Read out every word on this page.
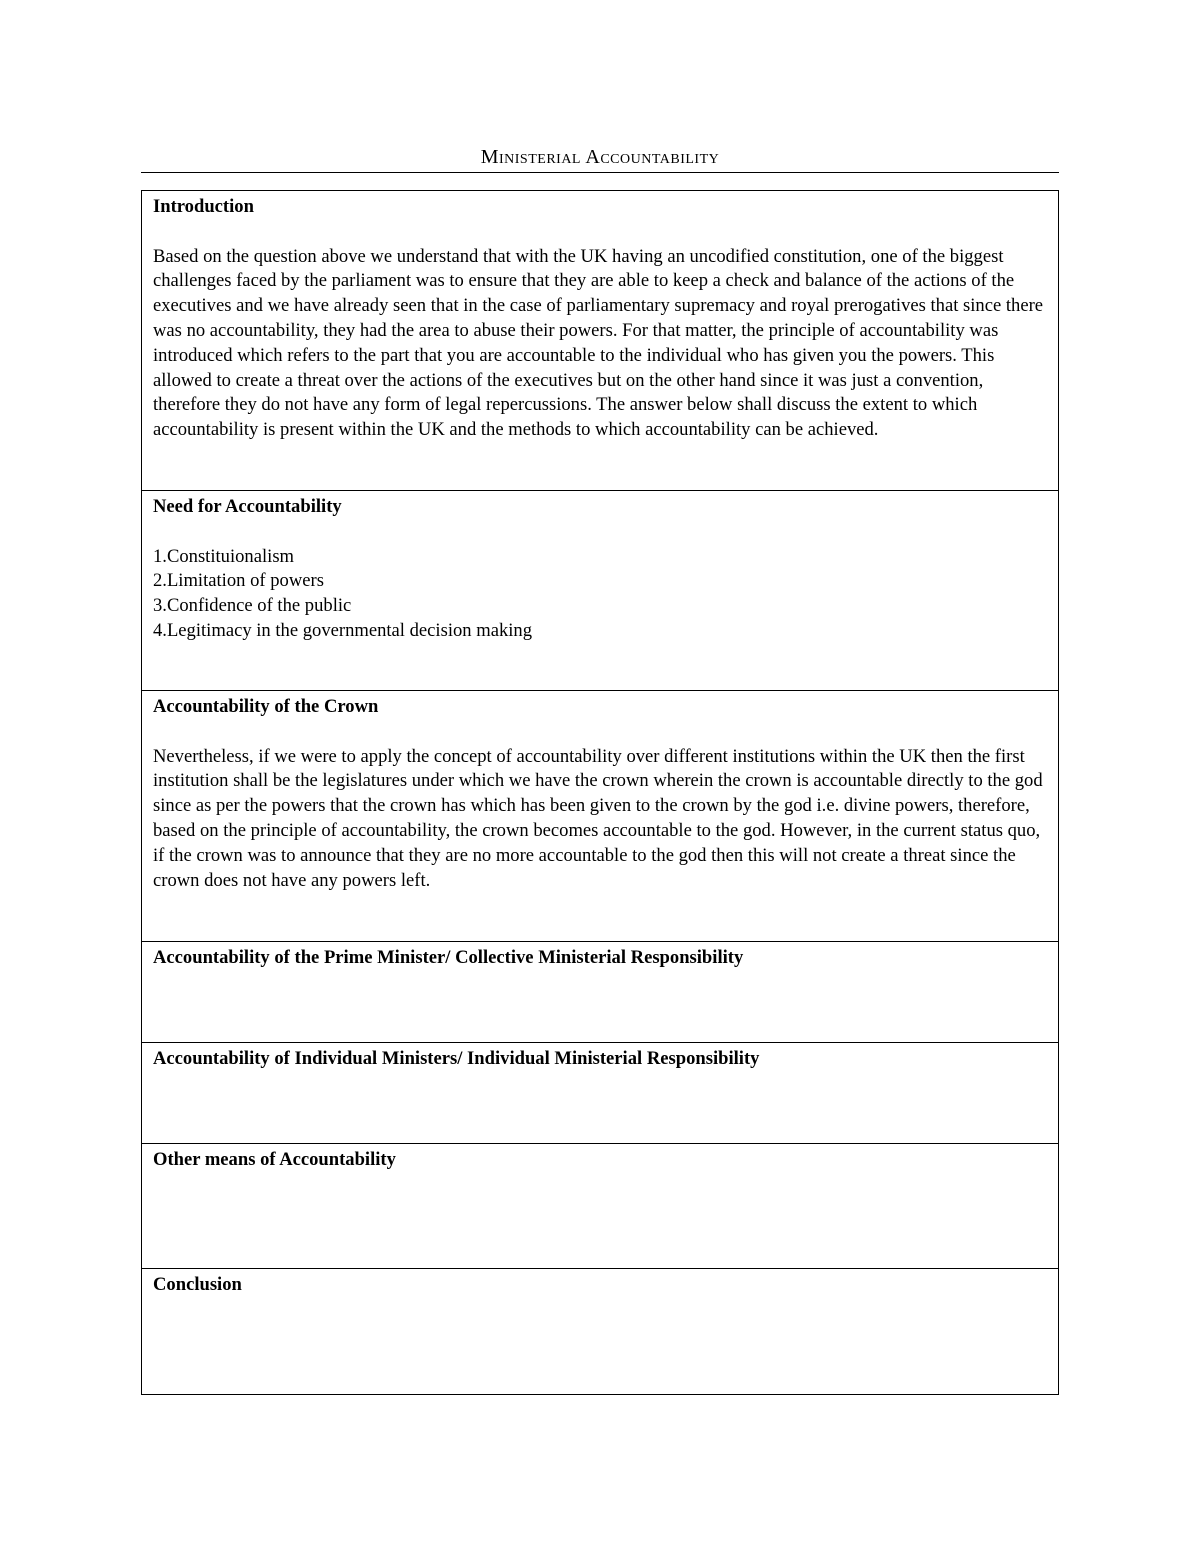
Ministerial Accountability

Introduction

Based on the question above we understand that with the UK having an uncodified constitution, one of the biggest challenges faced by the parliament was to ensure that they are able to keep a check and balance of the actions of the executives and we have already seen that in the case of parliamentary supremacy and royal prerogatives that since there was no accountability, they had the area to abuse their powers. For that matter, the principle of accountability was introduced which refers to the part that you are accountable to the individual who has given you the powers. This allowed to create a threat over the actions of the executives but on the other hand since it was just a convention, therefore they do not have any form of legal repercussions. The answer below shall discuss the extent to which accountability is present within the UK and the methods to which accountability can be achieved.

Need for Accountability

1.Constituionalism

2.Limitation of powers

3.Confidence of the public

4.Legitimacy in the governmental decision making

Accountability of the Crown

Nevertheless, if we were to apply the concept of accountability over different institutions within the UK then the first institution shall be the legislatures under which we have the crown wherein the crown is accountable directly to the god since as per the powers that the crown has which has been given to the crown by the god i.e. divine powers, therefore, based on the principle of accountability, the crown becomes accountable to the god. However, in the current status quo, if the crown was to announce that they are no more accountable to the god then this will not create a threat since the crown does not have any powers left.

Accountability of the Prime Minister/ Collective Ministerial Responsibility

Accountability of Individual Ministers/ Individual Ministerial Responsibility

Other means of Accountability

Conclusion
